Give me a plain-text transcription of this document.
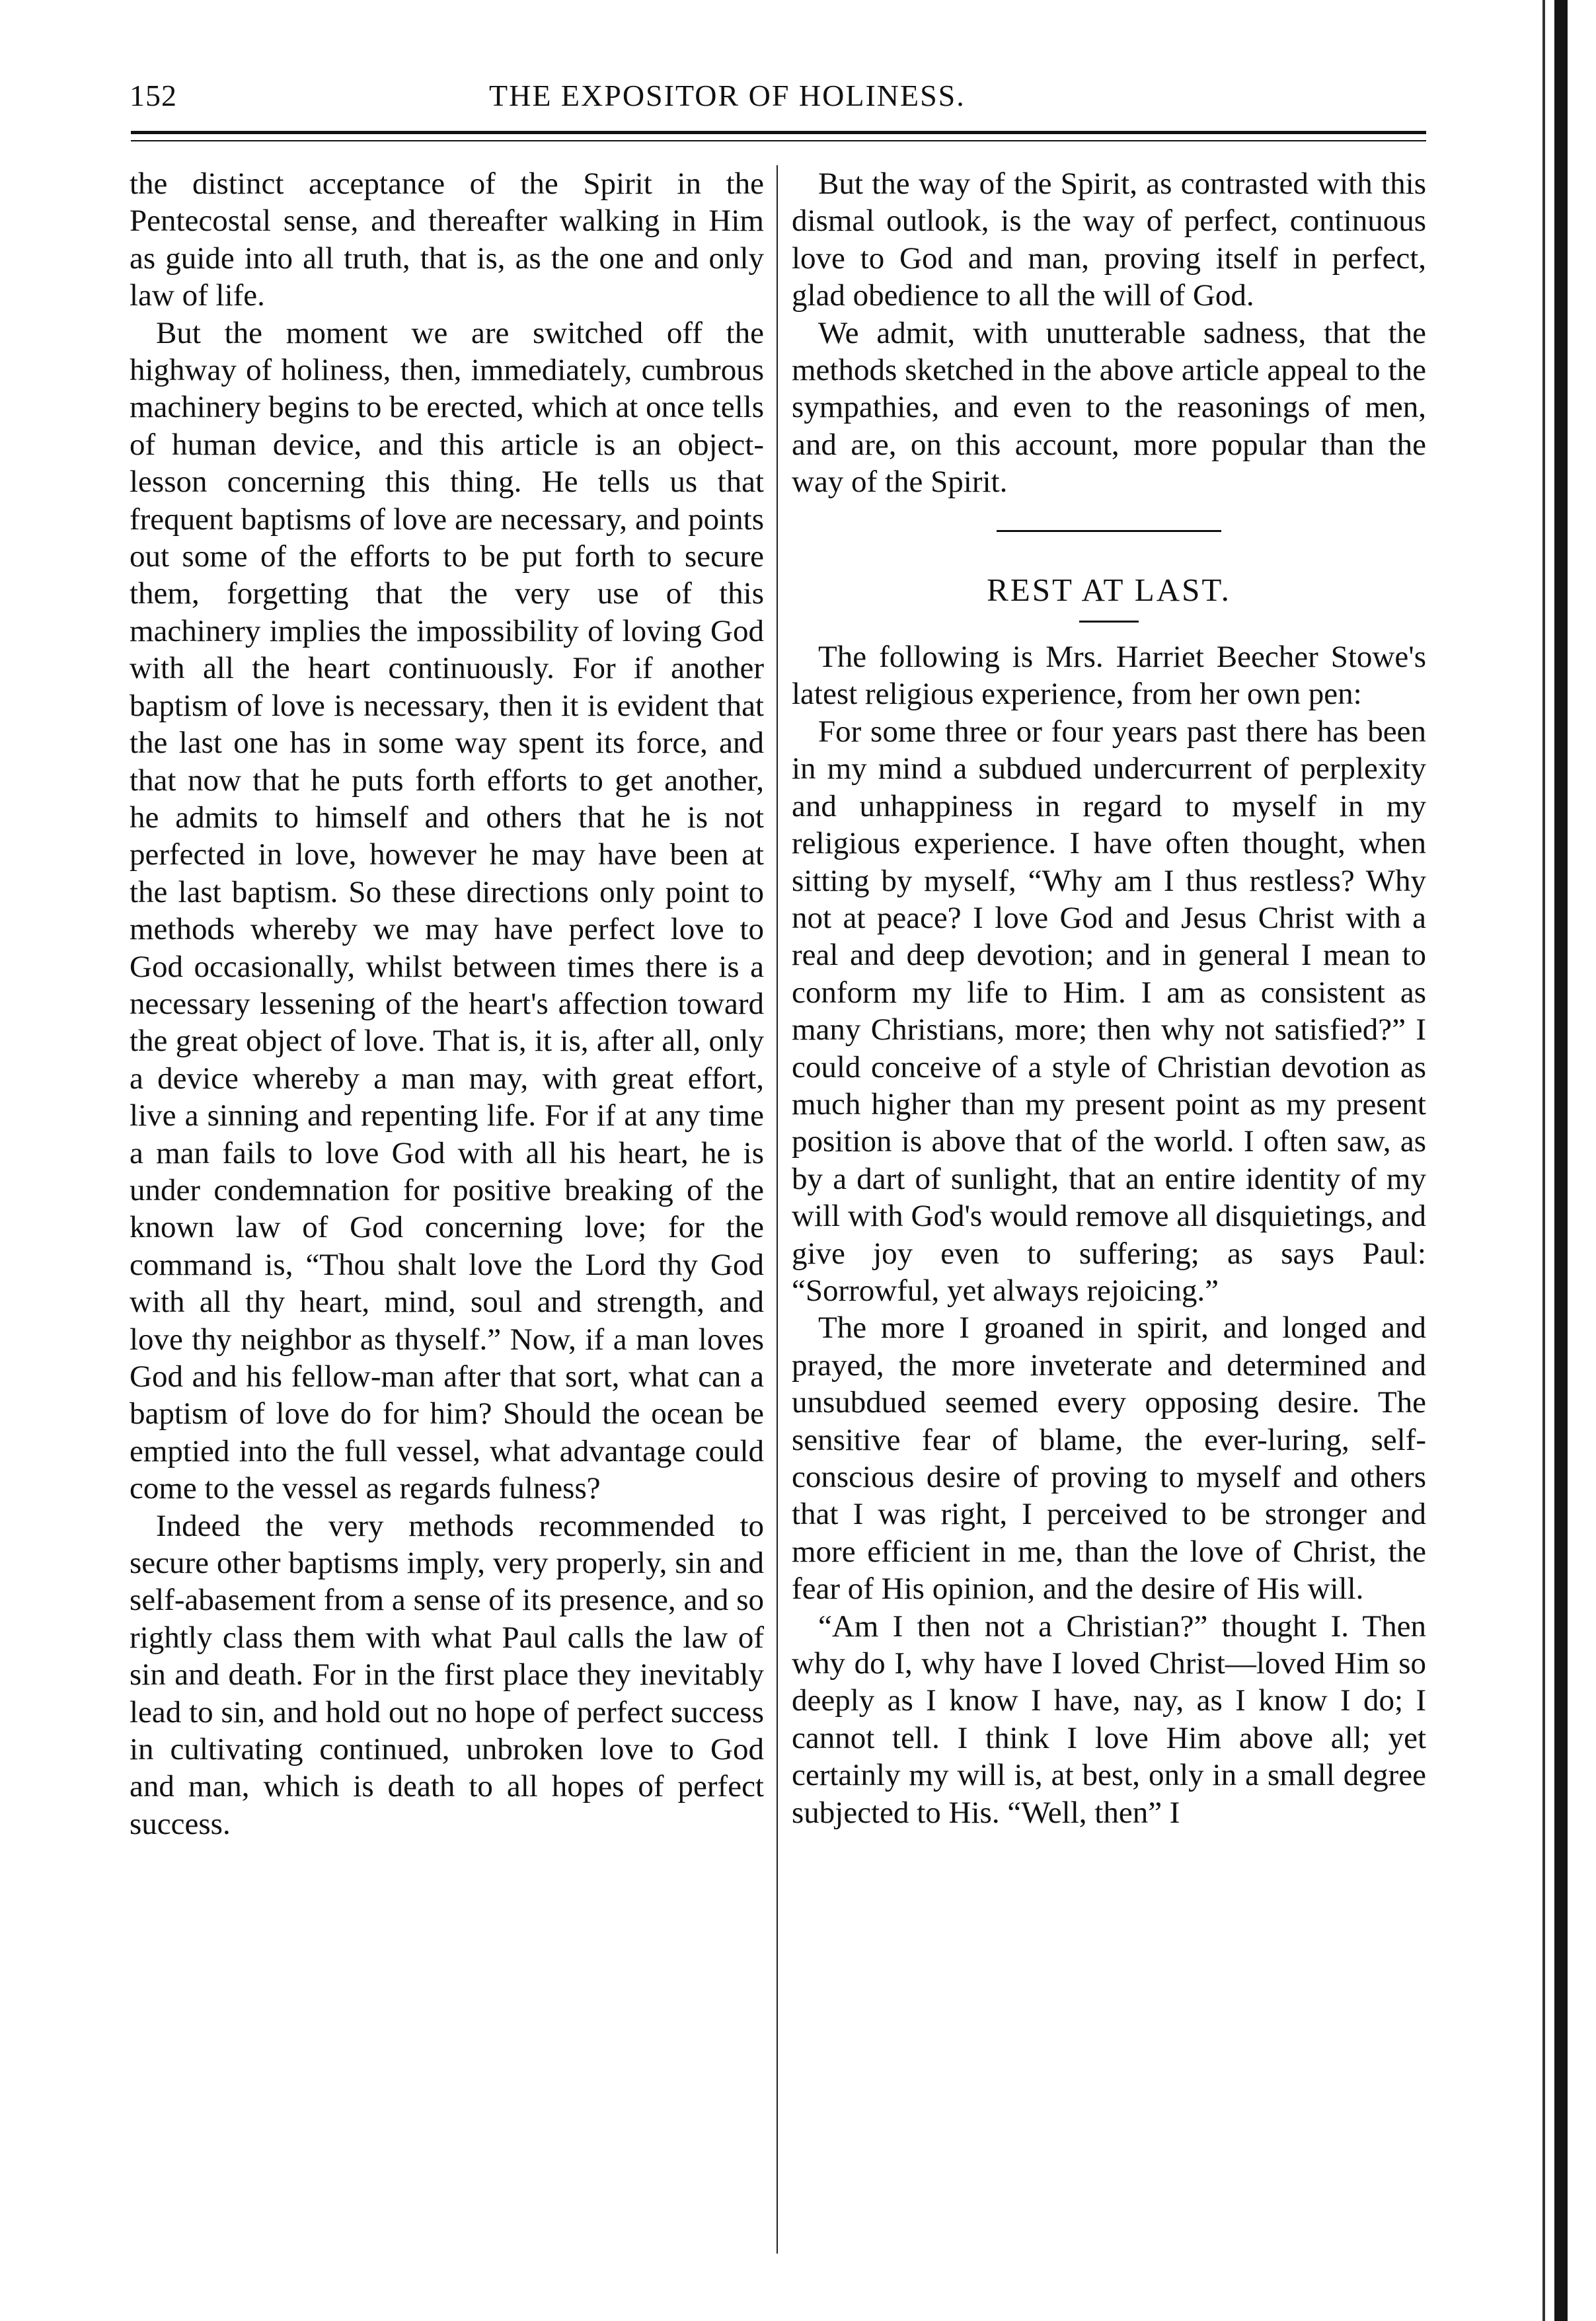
152	THE EXPOSITOR OF HOLINESS.

the distinct acceptance of the Spirit in the Pentecostal sense, and thereafter walking in Him as guide into all truth, that is, as the one and only law of life.

But the moment we are switched off the highway of holiness, then, immediately, cumbrous machinery begins to be erected, which at once tells of human device, and this article is an object-lesson concerning this thing. He tells us that frequent baptisms of love are necessary, and points out some of the efforts to be put forth to secure them, forgetting that the very use of this machinery implies the impossibility of loving God with all the heart continuously. For if another baptism of love is necessary, then it is evident that the last one has in some way spent its force, and that now that he puts forth efforts to get another, he admits to himself and others that he is not perfected in love, however he may have been at the last baptism. So these directions only point to methods whereby we may have perfect love to God occasionally, whilst between times there is a necessary lessening of the heart's affection toward the great object of love. That is, it is, after all, only a device whereby a man may, with great effort, live a sinning and repenting life. For if at any time a man fails to love God with all his heart, he is under condemnation for positive breaking of the known law of God concerning love; for the command is, “Thou shalt love the Lord thy God with all thy heart, mind, soul and strength, and love thy neighbor as thyself.” Now, if a man loves God and his fellow-man after that sort, what can a baptism of love do for him? Should the ocean be emptied into the full vessel, what advantage could come to the vessel as regards fulness?

Indeed the very methods recommended to secure other baptisms imply, very properly, sin and self-abasement from a sense of its presence, and so rightly class them with what Paul calls the law of sin and death. For in the first place they inevitably lead to sin, and hold out no hope of perfect success in cultivating continued, unbroken love to God and man, which is death to all hopes of perfect success.

But the way of the Spirit, as contrasted with this dismal outlook, is the way of perfect, continuous love to God and man, proving itself in perfect, glad obedience to all the will of God.

We admit, with unutterable sadness, that the methods sketched in the above article appeal to the sympathies, and even to the reasonings of men, and are, on this account, more popular than the way of the Spirit.

REST AT LAST.

The following is Mrs. Harriet Beecher Stowe's latest religious experience, from her own pen:

For some three or four years past there has been in my mind a subdued undercurrent of perplexity and unhappiness in regard to myself in my religious experience. I have often thought, when sitting by myself, “Why am I thus restless? Why not at peace? I love God and Jesus Christ with a real and deep devotion; and in general I mean to conform my life to Him. I am as consistent as many Christians, more; then why not satisfied?” I could conceive of a style of Christian devotion as much higher than my present point as my present position is above that of the world. I often saw, as by a dart of sunlight, that an entire identity of my will with God's would remove all disquietings, and give joy even to suffering; as says Paul: “Sorrowful, yet always rejoicing.”

The more I groaned in spirit, and longed and prayed, the more inveterate and determined and unsubdued seemed every opposing desire. The sensitive fear of blame, the ever-luring, self-conscious desire of proving to myself and others that I was right, I perceived to be stronger and more efficient in me, than the love of Christ, the fear of His opinion, and the desire of His will.

“Am I then not a Christian?” thought I. Then why do I, why have I loved Christ—loved Him so deeply as I know I have, nay, as I know I do; I cannot tell. I think I love Him above all; yet certainly my will is, at best, only in a small degree subjected to His. “Well, then” I
